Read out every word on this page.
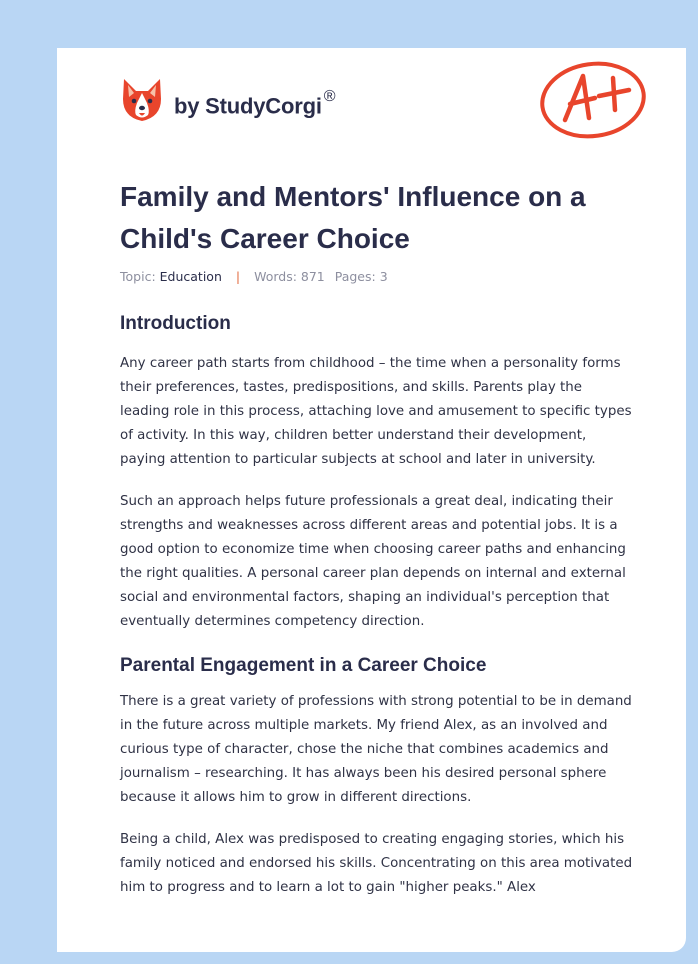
by StudyCorgi ®
Family and Mentors' Influence on a Child's Career Choice
Topic: Education | Words: 871 Pages: 3
Introduction

Any career path starts from childhood – the time when a personality forms their preferences, tastes, predispositions, and skills. Parents play the leading role in this process, attaching love and amusement to specific types of activity. In this way, children better understand their development, paying attention to particular subjects at school and later in university.

Such an approach helps future professionals a great deal, indicating their strengths and weaknesses across different areas and potential jobs. It is a good option to economize time when choosing career paths and enhancing the right qualities. A personal career plan depends on internal and external social and environmental factors, shaping an individual's perception that eventually determines competency direction.

Parental Engagement in a Career Choice

There is a great variety of professions with strong potential to be in demand in the future across multiple markets. My friend Alex, as an involved and curious type of character, chose the niche that combines academics and journalism – researching. It has always been his desired personal sphere because it allows him to grow in different directions.

Being a child, Alex was predisposed to creating engaging stories, which his family noticed and endorsed his skills. Concentrating on this area motivated him to progress and to learn a lot to gain "higher peaks." Alex
